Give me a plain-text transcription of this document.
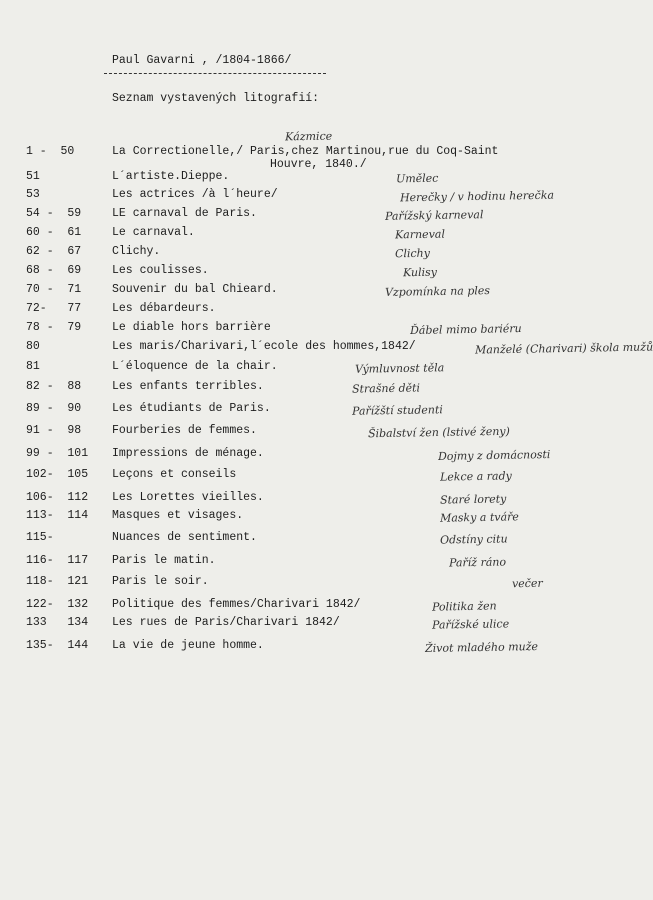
Paul Gavarni , /1804-1866/
Seznam vystavených litografií:
Kázmice
1 -  50	La Correctionelle,/ Paris,chez Martinou,rue du Coq-Saint
Houvre, 1840./
51	L´artiste.Dieppe.	Umělec
53	Les actrices /à l´heure/	Herečky / v hodinu herečka
54 -  59	LE carnaval de Paris.	Pařížský karneval
60 -  61	Le carnaval.	Karneval
62 -  67	Clichy.	Clichy
68 -  69	Les coulisses.	Kulisy
70 -  71	Souvenir du bal Chieard.	Vzpomínka na ples
72-   77	Les débardeurs.
78 -  79	Le diable hors barrière	Ďábel mimo bariéru
80	Les maris/Charivari,l´ecole des hommes,1842/	Manželé (Charivari) škola mužů
81	L´éloquence de la chair.	Výmluvnost těla
82 -  88	Les enfants terribles.	Strašné děti
89 -  90	Les étudiants de Paris.	Pařížští studenti
91 -  98	Fourberies de femmes.	Šibalství žen (lstivé ženy)
99 -  101 Impressions de ménage.	Dojmy z domácnosti
102-  105 Leçons et conseils	Lekce a rady
106-  112 Les Lorettes vieilles.	Staré lorety
113-  114 Masques et visages.	Masky a tváře
115-	Nuances de sentiment.	Odstíny citu
116-  117 Paris le matin.	Paříž ráno
118-  121 Paris le soir.	večer
122-  132 Politique des femmes/Charivari 1842/	Politika žen
133   134 Les rues de Paris/Charivari 1842/	Pařížské ulice
135-  144 La vie de jeune homme.	Život mladého muže
